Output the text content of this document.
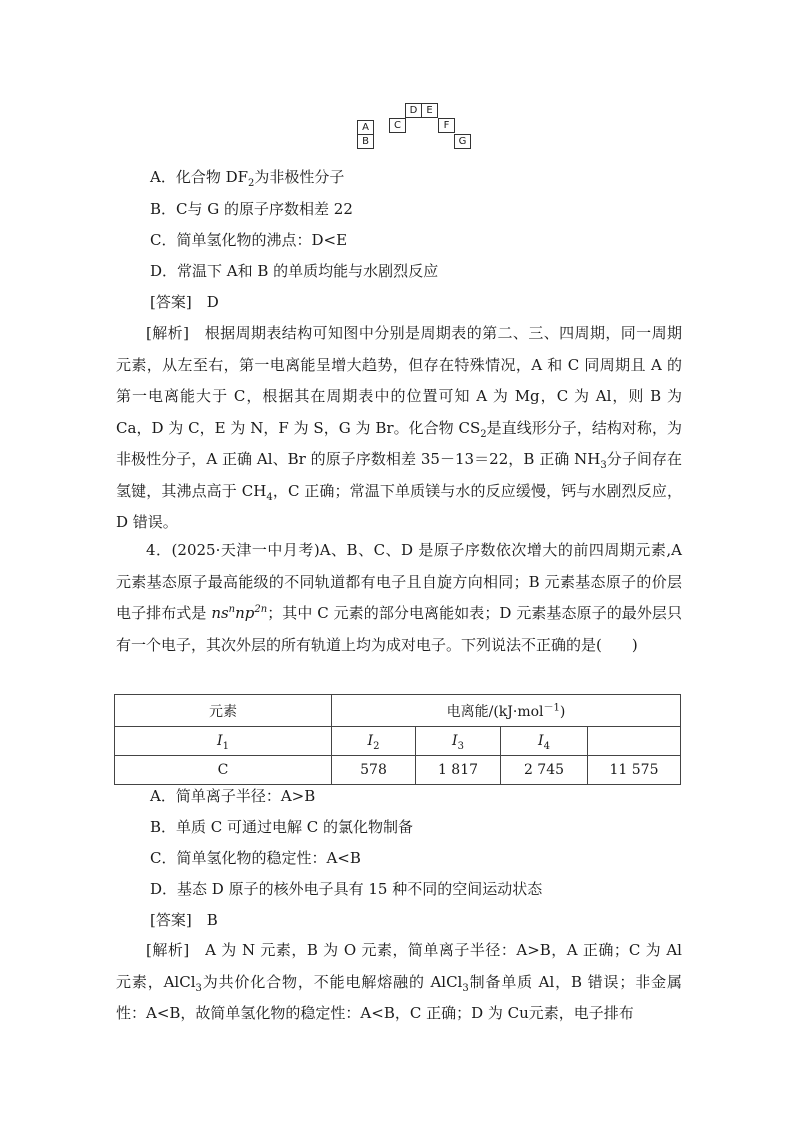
A
B
C
D E
F
G
A．化合物 $DF_2$为非极性分子
B．C与 G 的原子序数相差 22
C．简单氢化物的沸点：D<E
D．常温下 A和 B 的单质均能与水剧烈反应
[答案]　 D
[解析]　 根据周期表结构可知图中分别是周期表的第二、三、四周期，同一周期元素，从左至右，第一电离能呈增大趋势，但存在特殊情况，A 和 C 同周期且 A 的第一电离能大于 C，根据其在周期表中的位置可知 A 为 Mg，C 为 Al，则 B 为 Ca，D 为 C，E 为 N，F 为 S，G 为 Br。化合物 $CS_2$是直线形分子，结构对称，为非极性分子，A 正确 Al、Br 的原子序数相差 35－13＝22，B 正确 $NH_3$分子间存在氢键，其沸点高于 $CH_4$，C 正确；常温下单质镁与水的反应缓慢，钙与水剧烈反应，D 错误。
4．(2025·天津一中月考)A、B、C、D 是原子序数依次增大的前四周期元素,A 元素基态原子最高能级的不同轨道都有电子且自旋方向相同；B 元素基态原子的价层电子排布式是 $ns^nnp^{2n}$；其中 C 元素的部分电离能如表；D 元素基态原子的最外层只有一个电子，其次外层的所有轨道上均为成对电子。下列说法不正确的是(　　)
元素	电离能/(kJ·mol$^{-1}$)			
$I_1$	$I_2$	$I_3$	$I_4$	
C	578	1 817	2 745	11 575
A．简单离子半径：A>B
B．单质 C 可通过电解 C 的氯化物制备
C．简单氢化物的稳定性：A<B
D．基态 D 原子的核外电子具有 15 种不同的空间运动状态
[答案]　 B
[解析]　 A 为 N 元素，B 为 O 元素，简单离子半径：A>B，A 正确；C 为 Al 元素，AlCl$_3$为共价化合物，不能电解熔融的 AlCl$_3$制备单质 Al，B 错误；非金属性：A<B，故简单氢化物的稳定性：A<B，C 正确；D 为 Cu元素，电子排布
